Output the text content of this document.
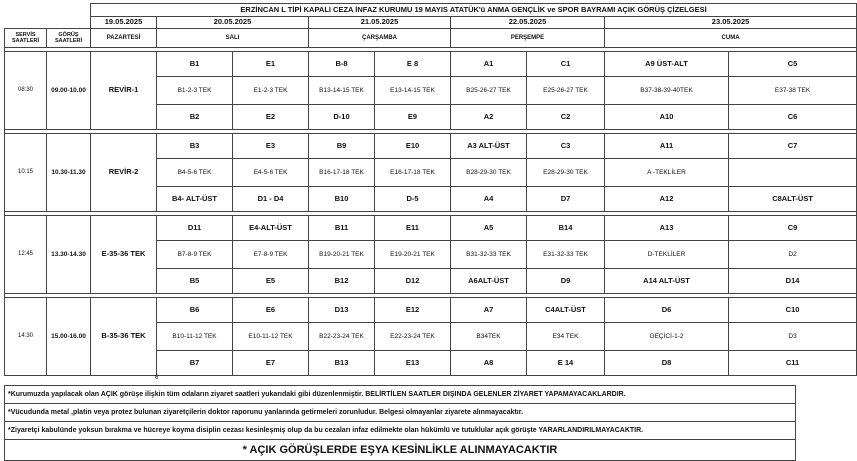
		ERZİNCAN L TİPİ KAPALI CEZA İNFAZ KURUMU 19 MAYIS ATATÜK'ü ANMA GENÇLİK ve SPOR BAYRAMI AÇIK GÖRÜŞ ÇİZELGESİ								
		19.05.2025	20.05.2025		21.05.2025		22.05.2025		23.05.2025	
SERVİS SAATLERİ	GÖRÜŞ SAATLERİ	PAZARTESİ	SALI		ÇARŞAMBA		PERŞEMPE		CUMA	

08:30	09.00-10.00	REVİR-1	B1	E1	B-8	E 8	A1	C1	A9 ÜST-ALT	C5
			B1-2-3 TEK	E1-2-3 TEK	B13-14-15 TEK	E13-14-15 TEK	B25-26-27 TEK	E25-26-27 TEK	B37-38-39-40TEK	E37-38 TEK
			B2	E2	D-10	E9	A2	C2	A10	C6

10:15	10.30-11.30	REVİR-2	B3	E3	B9	E10	A3 ALT-ÜST	C3	A11	C7
			B4-5-6 TEK	E4-5-6 TEK	B16-17-18 TEK	E16-17-18 TEK	B28-29-30 TEK	E28-29-30 TEK	A -TEKLİLER	
			B4- ALT-ÜST	D1 - D4	B10	D-5	A4	D7	A12	C8ALT-ÜST

12:45	13.30-14.30	E-35-36 TEK	D11	E4-ALT-ÜST	B11	E11	A5	B14	A13	C9
			B7-8-9 TEK	E7-8-9 TEK	B19-20-21 TEK	E19-20-21 TEK	B31-32-33 TEK	E31-32-33 TEK	D-TEKLİLER	D2
			B5	E5	B12	D12	A6ALT-ÜST	D9	A14 ALT-ÜST	D14

14:30	15.00-16.00	B-35-36 TEK	B6	E6	D13	E12	A7	C4ALT-ÜST	D6	C10
			B10-11-12 TEK	E10-11-12 TEK	B22-23-24 TEK	E22-23-24 TEK	B34TEK	E34 TEK	GEÇİCİ-1-2	D3
			B7	E7	B13	E13	A8	E 14	D8	C11
6
*Kurumuzda yapılacak olan AÇIK görüşe ilişkin tüm odaların ziyaret saatleri yukarıdaki gibi düzenlenmiştir. BELİRTİLEN SAATLER DIŞINDA GELENLER ZİYARET YAPAMAYACAKLARDIR.
*Vücudunda metal ,platin veya protez bulunan ziyaretçilerin doktor raporunu yanlarında getirmeleri zorunludur. Belgesi olmayanlar ziyarete alınmayacaktır.
*Ziyaretçi kabulünde yoksun bırakma ve hücreye koyma disiplin cezası kesinleşmiş olup da bu cezaları infaz edilmekte olan hükümlü ve tutuklular açık görüşte YARARLANDIRILMAYACAKTIR.
* AÇIK GÖRÜŞLERDE EŞYA KESİNLİKLE ALINMAYACAKTIR
